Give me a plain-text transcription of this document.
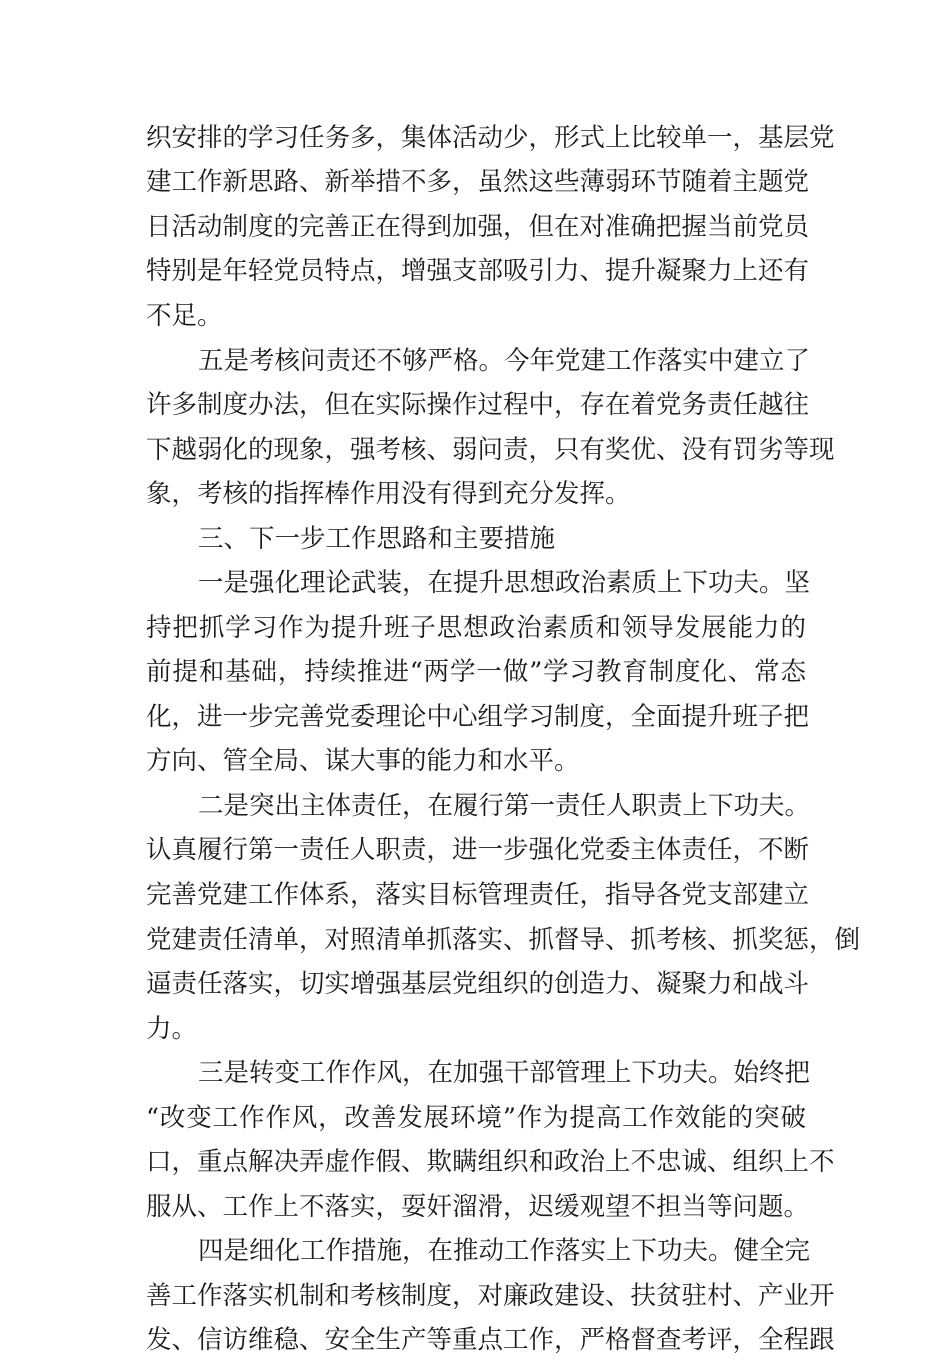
织安排的学习任务多，集体活动少，形式上比较单一，基层党
建工作新思路、新举措不多，虽然这些薄弱环节随着主题党
日活动制度的完善正在得到加强，但在对准确把握当前党员
特别是年轻党员特点，增强支部吸引力、提升凝聚力上还有
不足。
五是考核问责还不够严格。今年党建工作落实中建立了
许多制度办法，但在实际操作过程中，存在着党务责任越往
下越弱化的现象，强考核、弱问责，只有奖优、没有罚劣等现
象，考核的指挥棒作用没有得到充分发挥。
三、下一步工作思路和主要措施
一是强化理论武装，在提升思想政治素质上下功夫。坚
持把抓学习作为提升班子思想政治素质和领导发展能力的
前提和基础，持续推进“两学一做”学习教育制度化、常态
化，进一步完善党委理论中心组学习制度，全面提升班子把
方向、管全局、谋大事的能力和水平。
二是突出主体责任，在履行第一责任人职责上下功夫。
认真履行第一责任人职责，进一步强化党委主体责任，不断
完善党建工作体系，落实目标管理责任，指导各党支部建立
党建责任清单，对照清单抓落实、抓督导、抓考核、抓奖惩，倒
逼责任落实，切实增强基层党组织的创造力、凝聚力和战斗
力。
三是转变工作作风，在加强干部管理上下功夫。始终把
“改变工作作风，改善发展环境”作为提高工作效能的突破
口，重点解决弄虚作假、欺瞒组织和政治上不忠诚、组织上不
服从、工作上不落实，耍奸溜滑，迟缓观望不担当等问题。
四是细化工作措施，在推动工作落实上下功夫。健全完
善工作落实机制和考核制度，对廉政建设、扶贫驻村、产业开
发、信访维稳、安全生产等重点工作，严格督查考评，全程跟
